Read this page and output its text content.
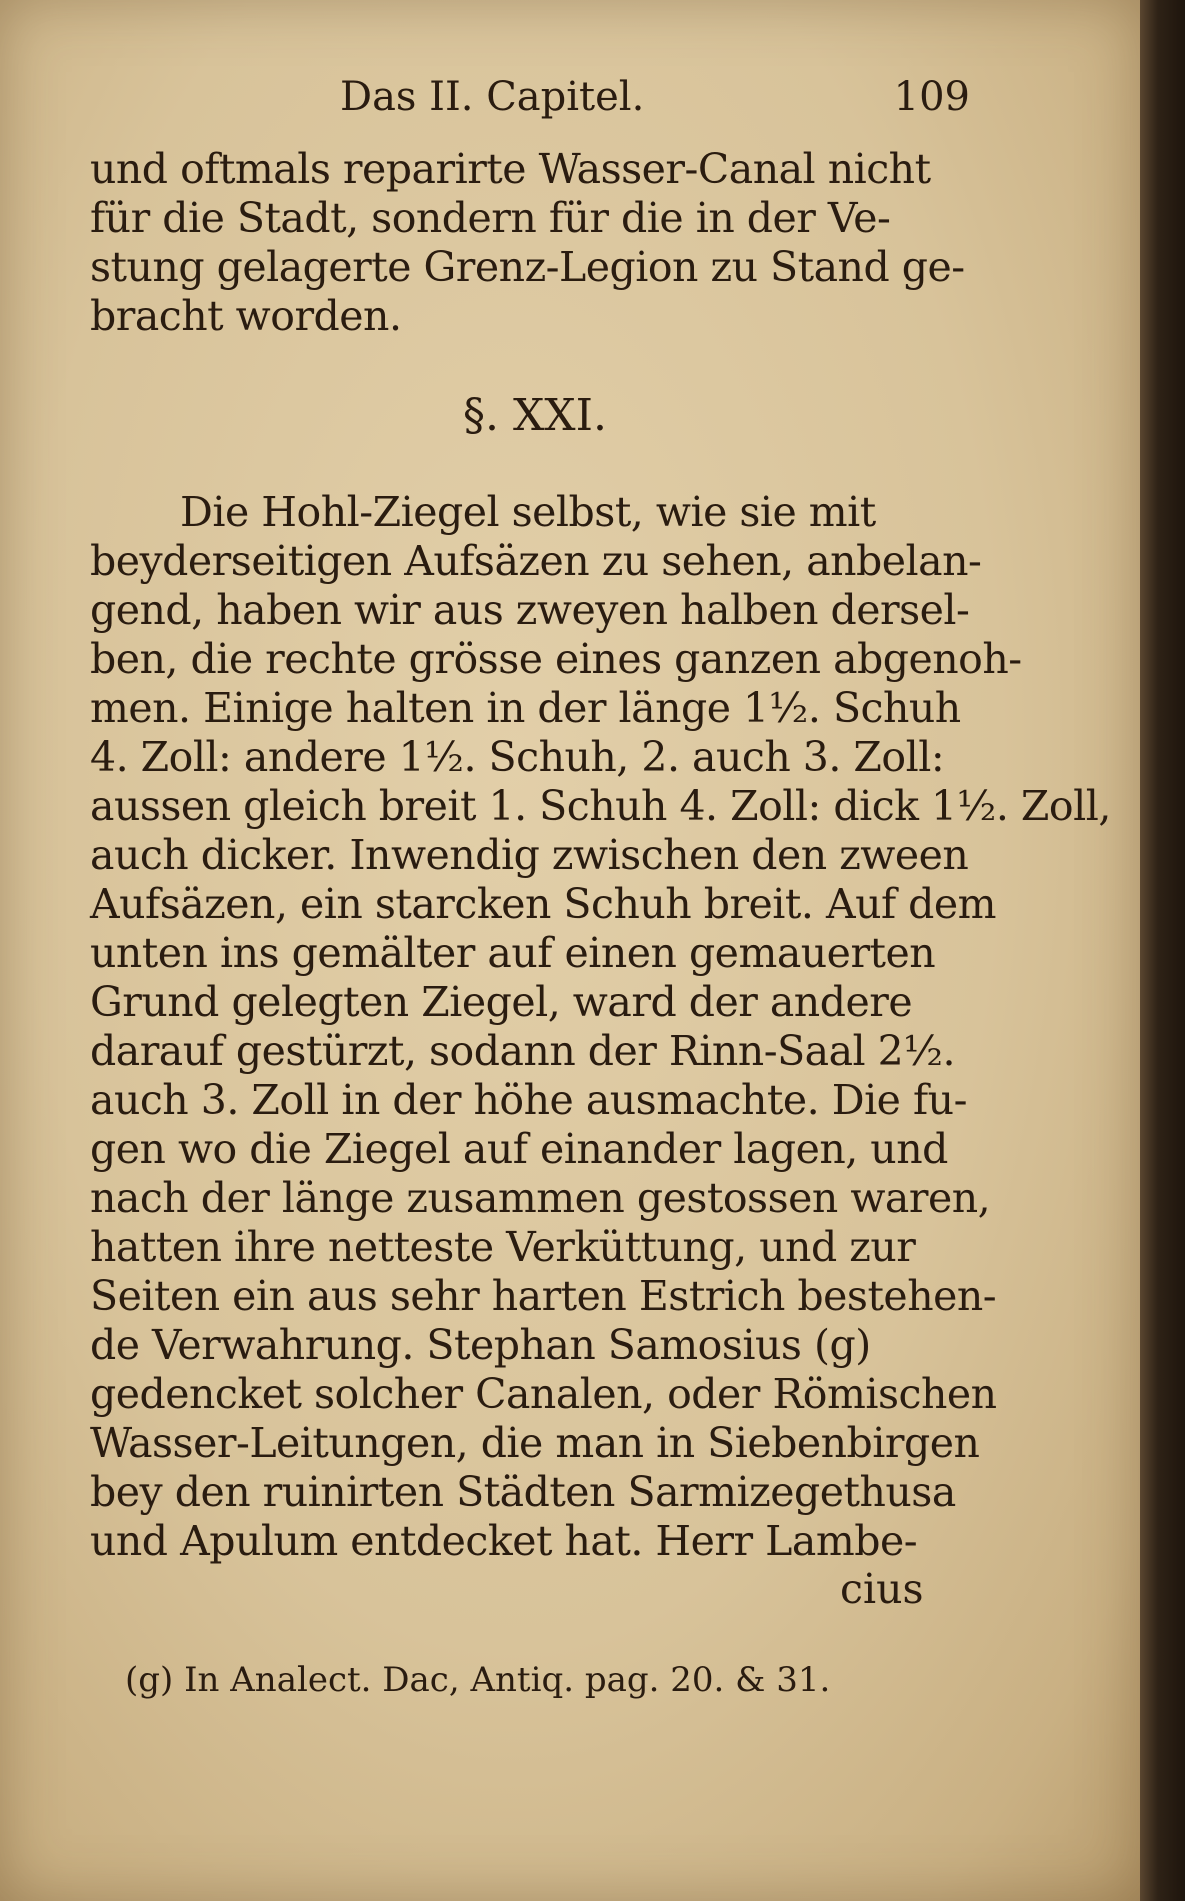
Das II. Capitel.	109
und oftmals reparirte Wasser-Canal nicht
für die Stadt, sondern für die in der Ve-
stung gelagerte Grenz-Legion zu Stand ge-
bracht worden.
§. XXI.
Die Hohl-Ziegel selbst, wie sie mit
beyderseitigen Aufsäzen zu sehen, anbelan-
gend, haben wir aus zweyen halben dersel-
ben, die rechte grösse eines ganzen abgenoh-
men. Einige halten in der länge 1½. Schuh
4. Zoll: andere 1½. Schuh, 2. auch 3. Zoll:
aussen gleich breit 1. Schuh 4. Zoll: dick 1½. Zoll,
auch dicker. Inwendig zwischen den zween
Aufsäzen, ein starcken Schuh breit. Auf dem
unten ins gemälter auf einen gemauerten
Grund gelegten Ziegel, ward der andere
darauf gestürzt, sodann der Rinn-Saal 2½.
auch 3. Zoll in der höhe ausmachte. Die fu-
gen wo die Ziegel auf einander lagen, und
nach der länge zusammen gestossen waren,
hatten ihre netteste Verküttung, und zur
Seiten ein aus sehr harten Estrich bestehen-
de Verwahrung. Stephan Samosius (g)
gedencket solcher Canalen, oder Römischen
Wasser-Leitungen, die man in Siebenbirgen
bey den ruinirten Städten Sarmizegethusa
und Apulum entdecket hat. Herr Lambe-
cius
(g) In Analect. Dac, Antiq. pag. 20. & 31.
